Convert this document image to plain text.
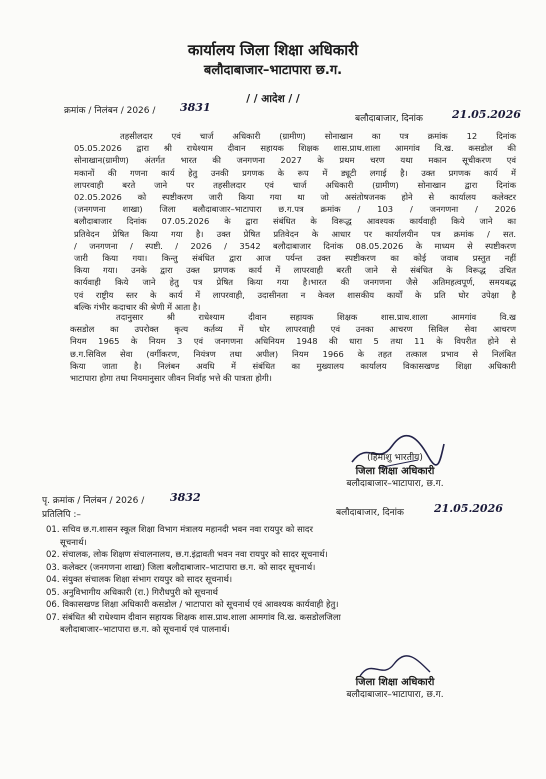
कार्यालय जिला शिक्षा अधिकारी
बलौदाबाजार–भाटापारा छ.ग.
/ / आदेश / /
क्रमांक / निलंबन / 2026 / 3831
बलौदाबाजार, दिनांक	21.05.2026
तहसीलदार एवं चार्ज अधिकारी (ग्रामीण) सोनाखान का पत्र क्रमांक 12 दिनांक
05.05.2026 द्वारा श्री राधेश्याम दीवान सहायक शिक्षक शास.प्राथ.शाला आमगांव वि.ख. कसडोल की
सोनाखान(ग्रामीण) अंतर्गत भारत की जनगणना 2027 के प्रथम चरण यथा मकान सूचीकरण एवं
मकानों की गणना कार्य हेतु उनकी प्रगणक के रूप में ड्यूटी लगाई है। उक्त प्रगणक कार्य में
लापरवाही बरते जाने पर तहसीलदार एवं चार्ज अधिकारी (ग्रामीण) सोनाखान द्वारा दिनांक
02.05.2026 को स्पष्टीकरण जारी किया गया था जो असंतोषजनक होने से कार्यालय कलेक्टर
(जनगणना शाखा) जिला बलौदाबाजार–भाटापारा छ.ग.पत्र क्रमांक / 103 / जनगणना / 2026
बलौदाबाजार दिनांक 07.05.2026 के द्वारा संबंधित के विरूद्ध आवश्यक कार्यवाही किये जाने का
प्रतिवेदन प्रेषित किया गया है। उक्त प्रेषित प्रतिवेदन के आधार पर कार्यालयीन पत्र क्रमांक / सत.
/ जनगणना / स्पष्टी. / 2026 / 3542 बलौदाबाजार दिनांक 08.05.2026 के माध्यम से स्पष्टीकरण
जारी किया गया। किन्तु संबंधित द्वारा आज पर्यन्त उक्त स्पष्टीकरण का कोई जवाब प्रस्तुत नहीं
किया गया। उनके द्वारा उक्त प्रगणक कार्य में लापरवाही बरती जाने से संबंधित के विरूद्ध उचित
कार्यवाही किये जाने हेतु पत्र प्रेषित किया गया है।भारत की जनगणना जैसे अतिमहत्वपूर्ण, समयबद्ध
एवं राष्ट्रीय स्तर के कार्य में लापरवाही, उदासीनता न केवल शासकीय कार्यों के प्रति घोर उपेक्षा है
बल्कि गंभीर कदाचार की श्रेणी में आता है।
तदानुसार श्री राधेश्याम दीवान सहायक शिक्षक शास.प्राथ.शाला आमगांव वि.ख
कसडोल का उपरोक्त कृत्य कर्तव्य में घोर लापरवाही एवं उनका आचरण सिविल सेवा आचरण
नियम 1965 के नियम 3 एवं जनगणना अधिनियम 1948 की धारा 5 तथा 11 के विपरीत होने से
छ.ग.सिविल सेवा (वर्गीकरण, नियंत्रण तथा अपील) नियम 1966 के तहत तत्काल प्रभाव से निलंबित
किया जाता है। निलंबन अवधि में संबंधित का मुख्यालय कार्यालय विकासखण्ड शिक्षा अधिकारी
भाटापारा होगा तथा नियमानुसार जीवन निर्वाह भत्ते की पात्रता होगी।
(हिमांशु भारतीय)
जिला शिक्षा अधिकारी
बलौदाबाजार–भाटापारा, छ.ग.
पृ. क्रमांक / निलंबन / 2026 / 3832
बलौदाबाजार, दिनांक	21.05.2026
प्रतिलिपि :–
01. सचिव छ.ग.शासन स्कूल शिक्षा विभाग मंत्रालय महानदी भवन नवा रायपुर को सादर
सूचनार्थ।
02. संचालक, लोक शिक्षण संचालनालय, छ.ग.इंद्रावती भवन नवा रायपुर को सादर सूचनार्थ।
03. कलेक्टर (जनगणना शाखा) जिला बलौदाबाजार–भाटापारा छ.ग. को सादर सूचनार्थ।
04. संयुक्त संचालक शिक्षा संभाग रायपुर को सादर सूचनार्थ।
05. अनुविभागीय अधिकारी (रा.) गिरौधपुरी को सूचनार्थ
06. विकासखण्ड शिक्षा अधिकारी कसडोल / भाटापारा को सूचनार्थ एवं आवश्यक कार्यवाही हेतु।
07. संबंधित श्री राधेश्याम दीवान सहायक शिक्षक शास.प्राथ.शाला आमगांव वि.ख. कसडोलजिला
बलौदाबाजार–भाटापारा छ.ग. को सूचनार्थ एवं पालनार्थ।
जिला शिक्षा अधिकारी
बलौदाबाजार–भाटापारा, छ.ग.
